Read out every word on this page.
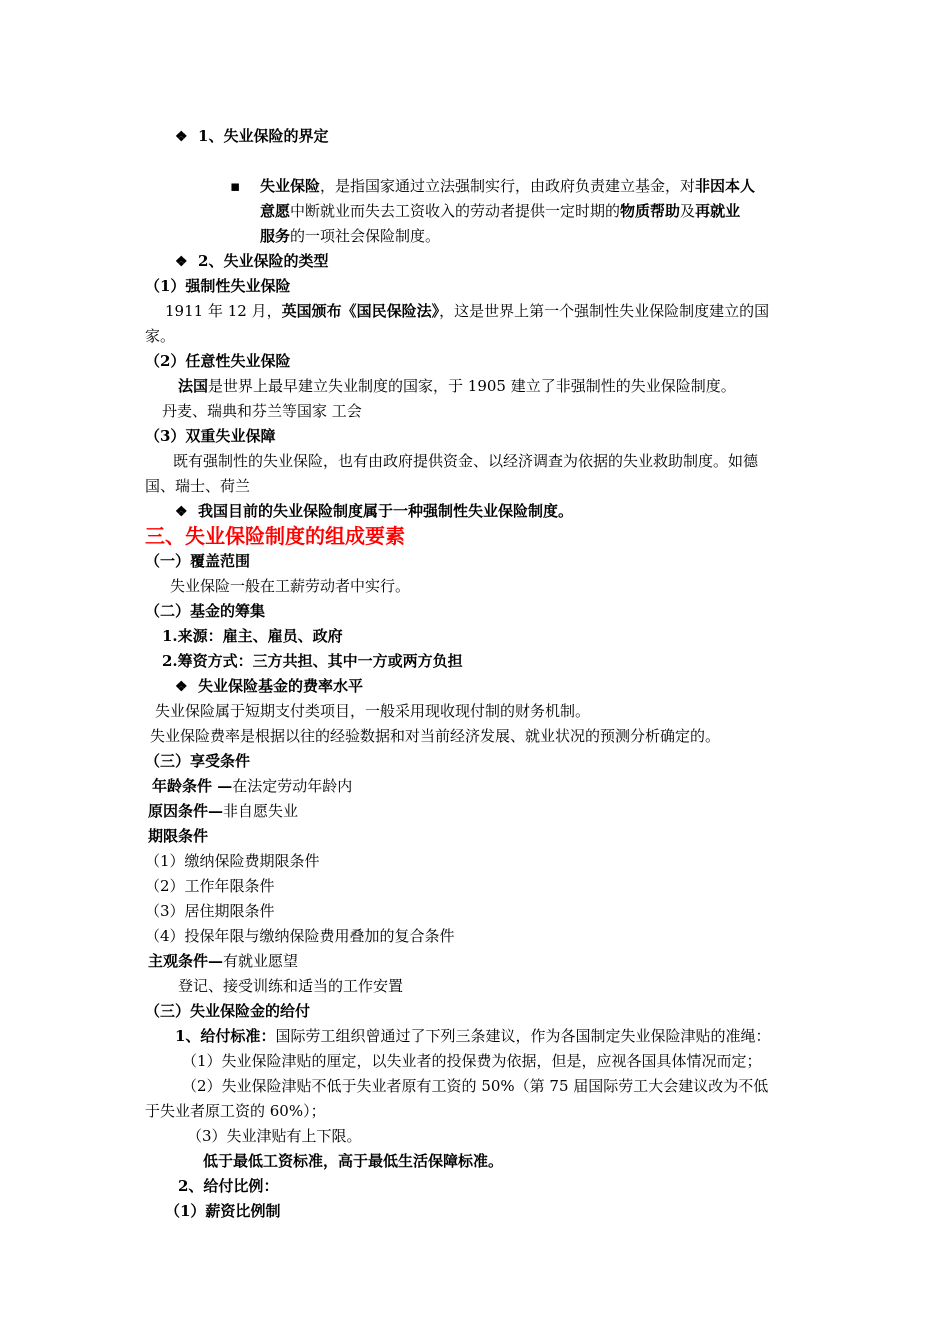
❖ 1、失业保险的界定
▪ 失业保险，是指国家通过立法强制实行，由政府负责建立基金，对非因本人
意愿中断就业而失去工资收入的劳动者提供一定时期的物质帮助及再就业
服务的一项社会保险制度。
❖ 2、失业保险的类型
（1）强制性失业保险
1911 年 12 月，英国颁布《国民保险法》，这是世界上第一个强制性失业保险制度建立的国
家。
（2）任意性失业保险
法国是世界上最早建立失业制度的国家，于 1905 建立了非强制性的失业保险制度。
丹麦、瑞典和芬兰等国家 工会
（3）双重失业保障
既有强制性的失业保险，也有由政府提供资金、以经济调查为依据的失业救助制度。如德
国、瑞士、荷兰
❖ 我国目前的失业保险制度属于一种强制性失业保险制度。
三、失业保险制度的组成要素
（一）覆盖范围
失业保险一般在工薪劳动者中实行。
（二）基金的筹集
1.来源：雇主、雇员、政府
2.筹资方式：三方共担、其中一方或两方负担
❖ 失业保险基金的费率水平
失业保险属于短期支付类项目，一般采用现收现付制的财务机制。
失业保险费率是根据以往的经验数据和对当前经济发展、就业状况的预测分析确定的。
（三）享受条件
年龄条件 —在法定劳动年龄内
原因条件—非自愿失业
期限条件
（1）缴纳保险费期限条件
（2）工作年限条件
（3）居住期限条件
（4）投保年限与缴纳保险费用叠加的复合条件
主观条件—有就业愿望
登记、接受训练和适当的工作安置
（三）失业保险金的给付
1、给付标准：国际劳工组织曾通过了下列三条建议，作为各国制定失业保险津贴的准绳：
（1）失业保险津贴的厘定，以失业者的投保费为依据，但是，应视各国具体情况而定；
（2）失业保险津贴不低于失业者原有工资的 50%（第 75 届国际劳工大会建议改为不低
于失业者原工资的 60%）；
（3）失业津贴有上下限。
低于最低工资标准，高于最低生活保障标准。
2、给付比例：
（1）薪资比例制
